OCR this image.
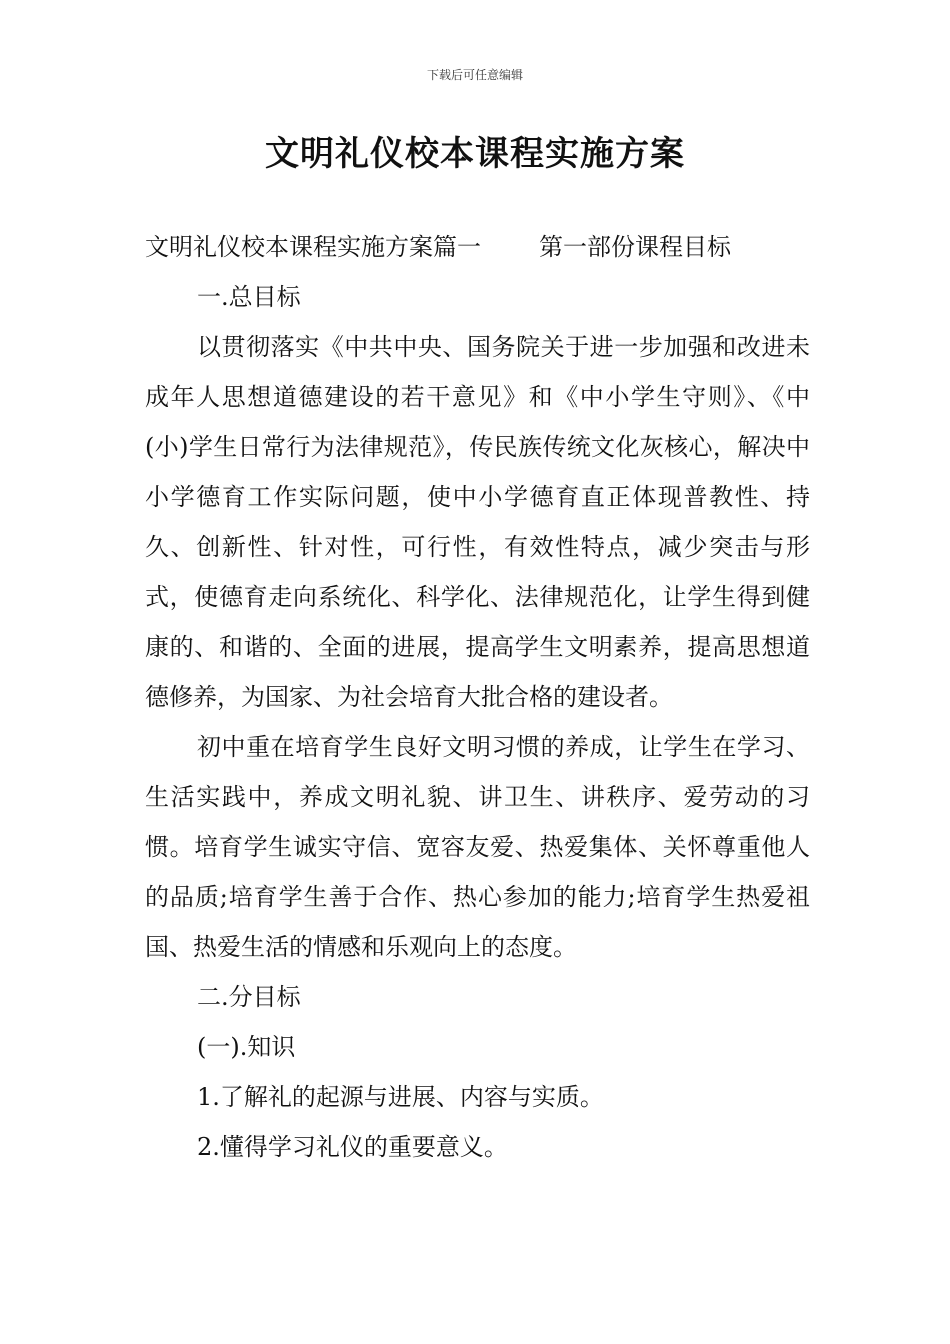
下载后可任意编辑
文明礼仪校本课程实施方案
文明礼仪校本课程实施方案篇一 第一部份课程目标
一.总目标

以贯彻落实《中共中央、国务院关于进一步加强和改进未成年人思想道德建设的若干意见》和《中小学生守则》、《中(小)学生日常行为法律规范》，传民族传统文化灰核心，解决中小学德育工作实际问题，使中小学德育直正体现普教性、持久、创新性、针对性，可行性，有效性特点，减少突击与形式，使德育走向系统化、科学化、法律规范化，让学生得到健康的、和谐的、全面的进展，提高学生文明素养，提高思想道德修养，为国家、为社会培育大批合格的建设者。

初中重在培育学生良好文明习惯的养成，让学生在学习、生活实践中，养成文明礼貌、讲卫生、讲秩序、爱劳动的习惯。培育学生诚实守信、宽容友爱、热爱集体、关怀尊重他人的品质;培育学生善于合作、热心参加的能力;培育学生热爱祖国、热爱生活的情感和乐观向上的态度。

二.分目标
(一).知识
1.了解礼的起源与进展、内容与实质。
2.懂得学习礼仪的重要意义。
